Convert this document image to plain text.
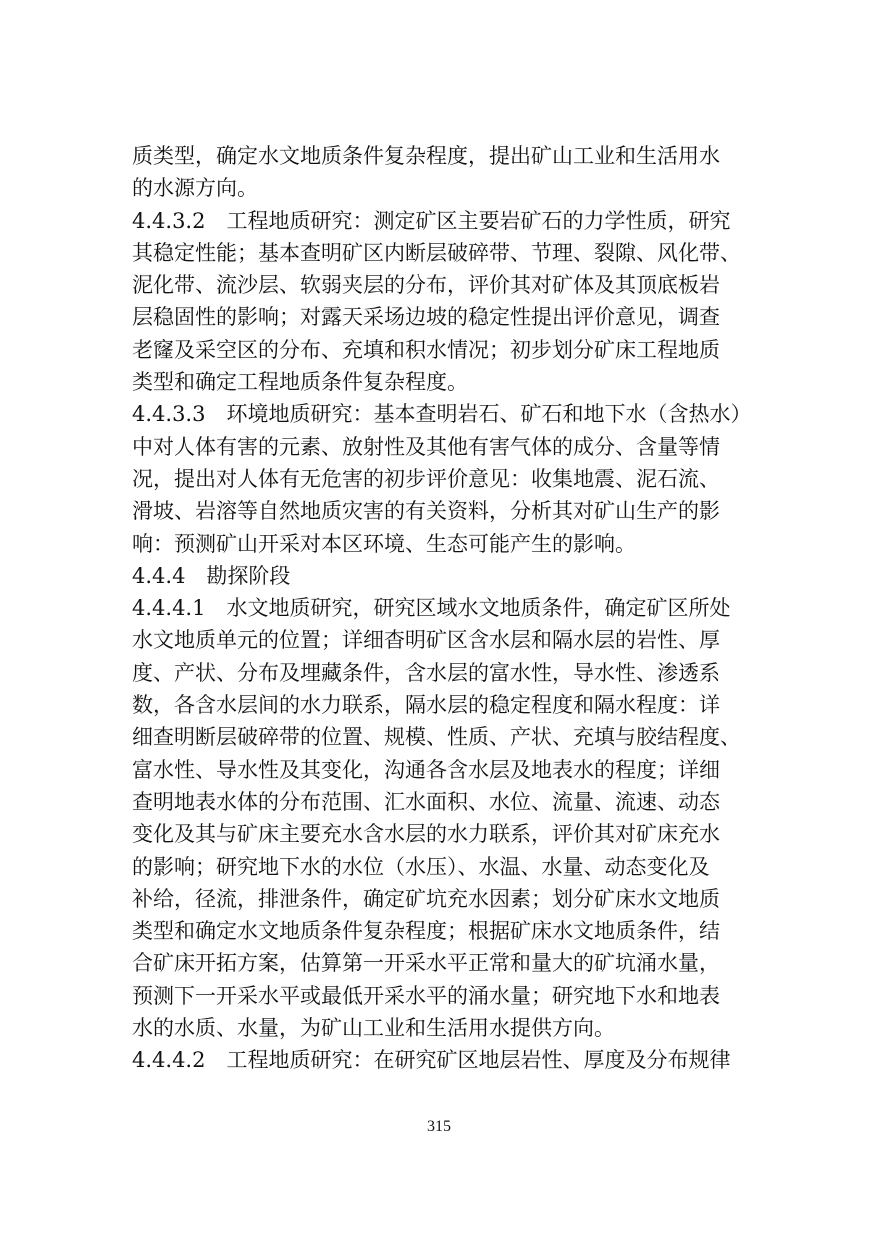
质类型，确定水文地质条件复杂程度，提出矿山工业和生活用水
的水源方向。
4.4.3.2　工程地质研究：测定矿区主要岩矿石的力学性质，研究
其稳定性能；基本查明矿区内断层破碎带、节理、裂隙、风化带、
泥化带、流沙层、软弱夹层的分布，评价其对矿体及其顶底板岩
层稳固性的影响；对露天采场边坡的稳定性提出评价意见，调查
老窿及采空区的分布、充填和积水情况；初步划分矿床工程地质
类型和确定工程地质条件复杂程度。
4.4.3.3　环境地质研究：基本查明岩石、矿石和地下水（含热水）
中对人体有害的元素、放射性及其他有害气体的成分、含量等情
况，提出对人体有无危害的初步评价意见：收集地震、泥石流、
滑坡、岩溶等自然地质灾害的有关资料，分析其对矿山生产的影
响：预测矿山开采对本区环境、生态可能产生的影响。
4.4.4　勘探阶段
4.4.4.1　水文地质研究，研究区域水文地质条件，确定矿区所处
水文地质单元的位置；详细杳明矿区含水层和隔水层的岩性、厚
度、产状、分布及埋藏条件，含水层的富水性，导水性、渗透系
数，各含水层间的水力联系，隔水层的稳定程度和隔水程度：详
细查明断层破碎带的位置、规模、性质、产状、充填与胶结程度、
富水性、导水性及其变化，沟通各含水层及地表水的程度；详细
查明地表水体的分布范围、汇水面积、水位、流量、流速、动态
变化及其与矿床主要充水含水层的水力联系，评价其对矿床充水
的影响；研究地下水的水位（水压）、水温、水量、动态变化及
补给，径流，排泄条件，确定矿坑充水因素；划分矿床水文地质
类型和确定水文地质条件复杂程度；根据矿床水文地质条件，结
合矿床开拓方案，估算第一开采水平正常和量大的矿坑涌水量，
预测下一开采水平或最低开采水平的涌水量；研究地下水和地表
水的水质、水量，为矿山工业和生活用水提供方向。
4.4.4.2　工程地质研究：在研究矿区地层岩性、厚度及分布规律
315
